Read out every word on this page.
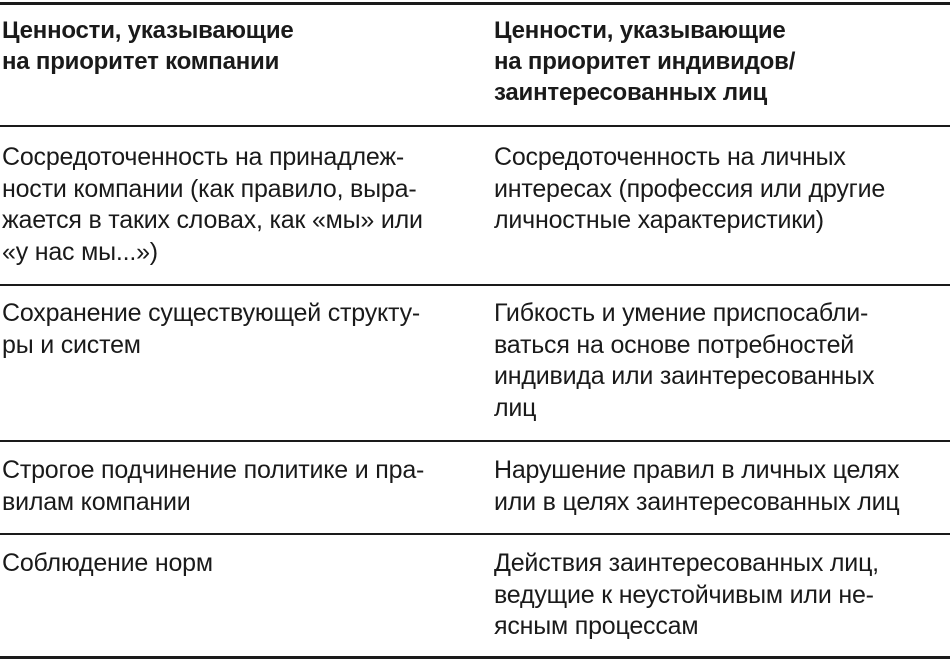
Ценности, указывающие
на приоритет компании
Ценности, указывающие
на приоритет индивидов/
заинтересованных лиц
Сосредоточенность на принадлеж-
ности компании (как правило, выра-
жается в таких словах, как «мы» или
«у нас мы...»)
Сосредоточенность на личных
интересах (профессия или другие
личностные характеристики)
Сохранение существующей структу-
ры и систем
Гибкость и умение приспосабли-
ваться на основе потребностей
индивида или заинтересованных
лиц
Строгое подчинение политике и пра-
вилам компании
Нарушение правил в личных целях
или в целях заинтересованных лиц
Соблюдение норм	Действия заинтересованных лиц,
ведущие к неустойчивым или не-
ясным процессам
